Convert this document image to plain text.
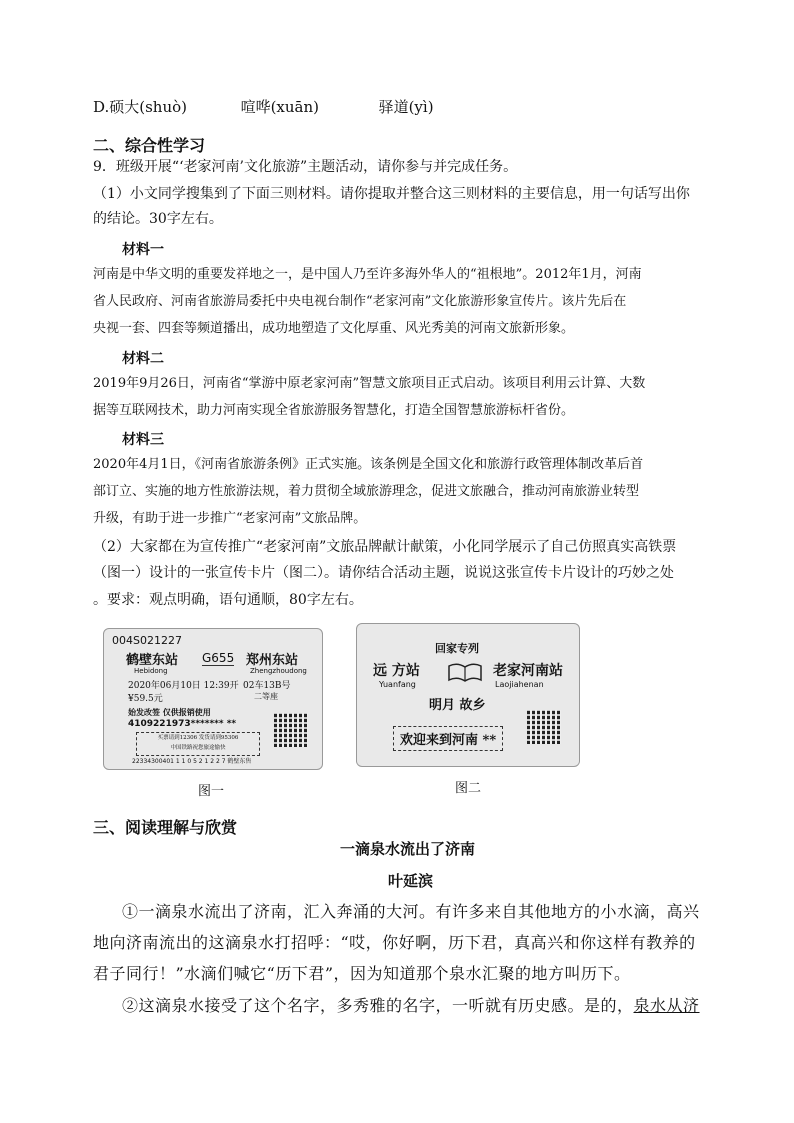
D.硕大(shuò)	喧哗(xuān)	驿道(yì)
二、综合性学习
9．班级开展“‘老家河南’文化旅游”主题活动，请你参与并完成任务。
（1）小文同学搜集到了下面三则材料。请你提取并整合这三则材料的主要信息，用一句话写出你
的结论。30字左右。
材料一
河南是中华文明的重要发祥地之一，是中国人乃至许多海外华人的“祖根地”。2012年1月，河南
省人民政府、河南省旅游局委托中央电视台制作“老家河南”文化旅游形象宣传片。该片先后在
央视一套、四套等频道播出，成功地塑造了文化厚重、风光秀美的河南文旅新形象。
材料二
2019年9月26日，河南省“掌游中原老家河南”智慧文旅项目正式启动。该项目利用云计算、大数
据等互联网技术，助力河南实现全省旅游服务智慧化，打造全国智慧旅游标杆省份。
材料三
2020年4月1日，《河南省旅游条例》正式实施。该条例是全国文化和旅游行政管理体制改革后首
部订立、实施的地方性旅游法规，着力贯彻全域旅游理念，促进文旅融合，推动河南旅游业转型
升级，有助于进一步推广“老家河南”文旅品牌。
（2）大家都在为宣传推广“老家河南”文旅品牌献计献策，小化同学展示了自己仿照真实高铁票
（图一）设计的一张宣传卡片（图二）。请你结合活动主题，说说这张宣传卡片设计的巧妙之处
。要求：观点明确，语句通顺，80字左右。
004S021227
鹤壁东站
Hebidong
G655 郑州东站
Zhengzhoudong
2020年06月10日 12:39开 02车13B号
¥59.5元	二等座
始发改签 仅供报销使用
4109221973******* **
买票请到12306 发货请到95306
中国铁路祝您旅途愉快
22334300401 1 1 0 5 2 1 2 2 7 鹤壁东售
图一
回家专列
远 方站
Yuanfang
老家河南站
Laojiahenan
明月 故乡
欢迎来到河南 **
图二
三、阅读理解与欣赏
一滴泉水流出了济南
叶延滨
①一滴泉水流出了济南，汇入奔涌的大河。有许多来自其他地方的小水滴，高兴
地向济南流出的这滴泉水打招呼：“哎，你好啊，历下君，真高兴和你这样有教养的
君子同行！”水滴们喊它“历下君”，因为知道那个泉水汇聚的地方叫历下。
②这滴泉水接受了这个名字，多秀雅的名字，一听就有历史感。是的，泉水从济
